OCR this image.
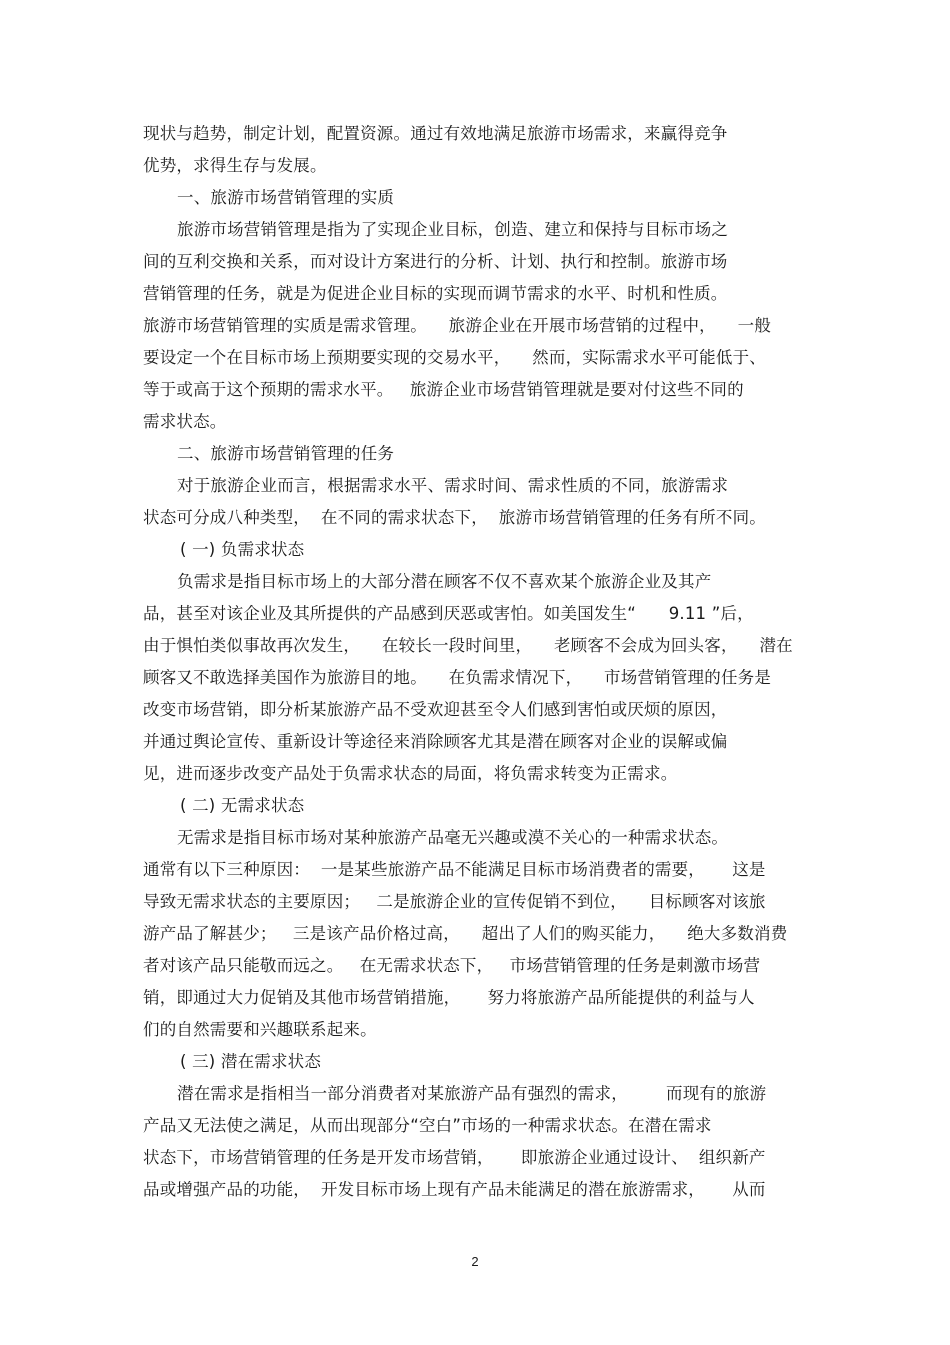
现状与趋势，制定计划，配置资源。通过有效地满足旅游市场需求，来赢得竞争
优势，求得生存与发展。
一、旅游市场营销管理的实质
旅游市场营销管理是指为了实现企业目标，创造、建立和保持与目标市场之
间的互利交换和关系，而对设计方案进行的分析、计划、执行和控制。旅游市场
营销管理的任务，就是为促进企业目标的实现而调节需求的水平、时机和性质。
旅游市场营销管理的实质是需求管理。    旅游企业在开展市场营销的过程中，    一般
要设定一个在目标市场上预期要实现的交易水平，    然而，实际需求水平可能低于、
等于或高于这个预期的需求水平。   旅游企业市场营销管理就是要对付这些不同的
需求状态。
二、旅游市场营销管理的任务
对于旅游企业而言，根据需求水平、需求时间、需求性质的不同，旅游需求
状态可分成八种类型，  在不同的需求状态下，  旅游市场营销管理的任务有所不同。
( 一) 负需求状态
负需求是指目标市场上的大部分潜在顾客不仅不喜欢某个旅游企业及其产
品，甚至对该企业及其所提供的产品感到厌恶或害怕。如美国发生“      9.11 ”后，
由于惧怕类似事故再次发生，    在较长一段时间里，    老顾客不会成为回头客，    潜在
顾客又不敢选择美国作为旅游目的地。    在负需求情况下，    市场营销管理的任务是
改变市场营销，即分析某旅游产品不受欢迎甚至令人们感到害怕或厌烦的原因，
并通过舆论宣传、重新设计等途径来消除顾客尤其是潜在顾客对企业的误解或偏
见，进而逐步改变产品处于负需求状态的局面，将负需求转变为正需求。
( 二) 无需求状态
无需求是指目标市场对某种旅游产品毫无兴趣或漠不关心的一种需求状态。
通常有以下三种原因：  一是某些旅游产品不能满足目标市场消费者的需要，     这是
导致无需求状态的主要原因；   二是旅游企业的宣传促销不到位，    目标顾客对该旅
游产品了解甚少；   三是该产品价格过高，    超出了人们的购买能力，    绝大多数消费
者对该产品只能敬而远之。   在无需求状态下，   市场营销管理的任务是刺激市场营
销，即通过大力促销及其他市场营销措施，     努力将旅游产品所能提供的利益与人
们的自然需要和兴趣联系起来。
( 三) 潜在需求状态
潜在需求是指相当一部分消费者对某旅游产品有强烈的需求，       而现有的旅游
产品又无法使之满足，从而出现部分“空白”市场的一种需求状态。在潜在需求
状态下，市场营销管理的任务是开发市场营销，     即旅游企业通过设计、  组织新产
品或增强产品的功能，  开发目标市场上现有产品未能满足的潜在旅游需求，     从而
2
